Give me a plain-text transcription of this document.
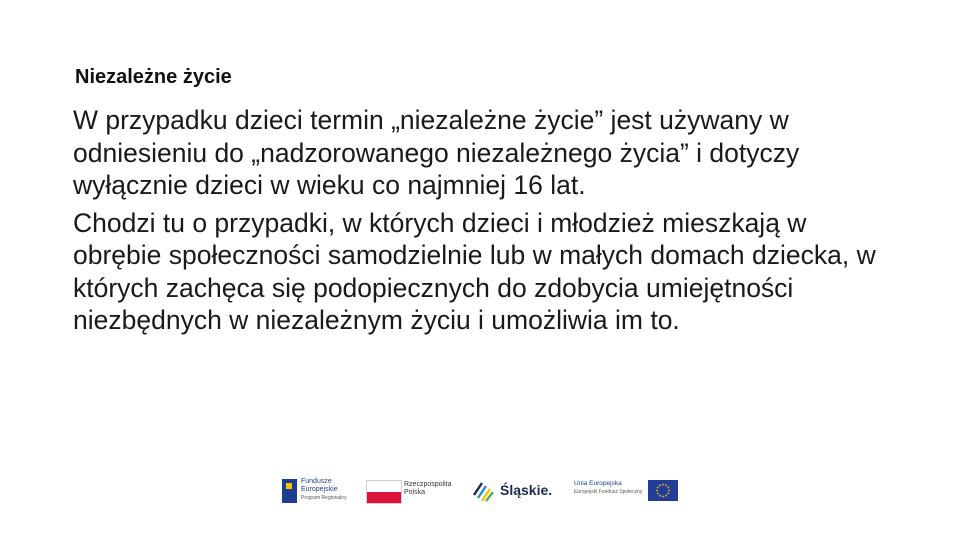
Niezależne życie

W przypadku dzieci termin „niezależne życie” jest używany w odniesieniu do „nadzorowanego niezależnego życia” i dotyczy wyłącznie dzieci w wieku co najmniej 16 lat.

Chodzi tu o przypadki, w których dzieci i młodzież mieszkają w obrębie społeczności samodzielnie lub w małych domach dziecka, w których zachęca się podopiecznych do zdobycia umiejętności niezbędnych w niezależnym życiu i umożliwia im to.

Fundusze
Europejskie
Program Regionalny
Rzeczpospolita
Polska	Śląskie.	Unia Europejska
Europejski Fundusz Społeczny
